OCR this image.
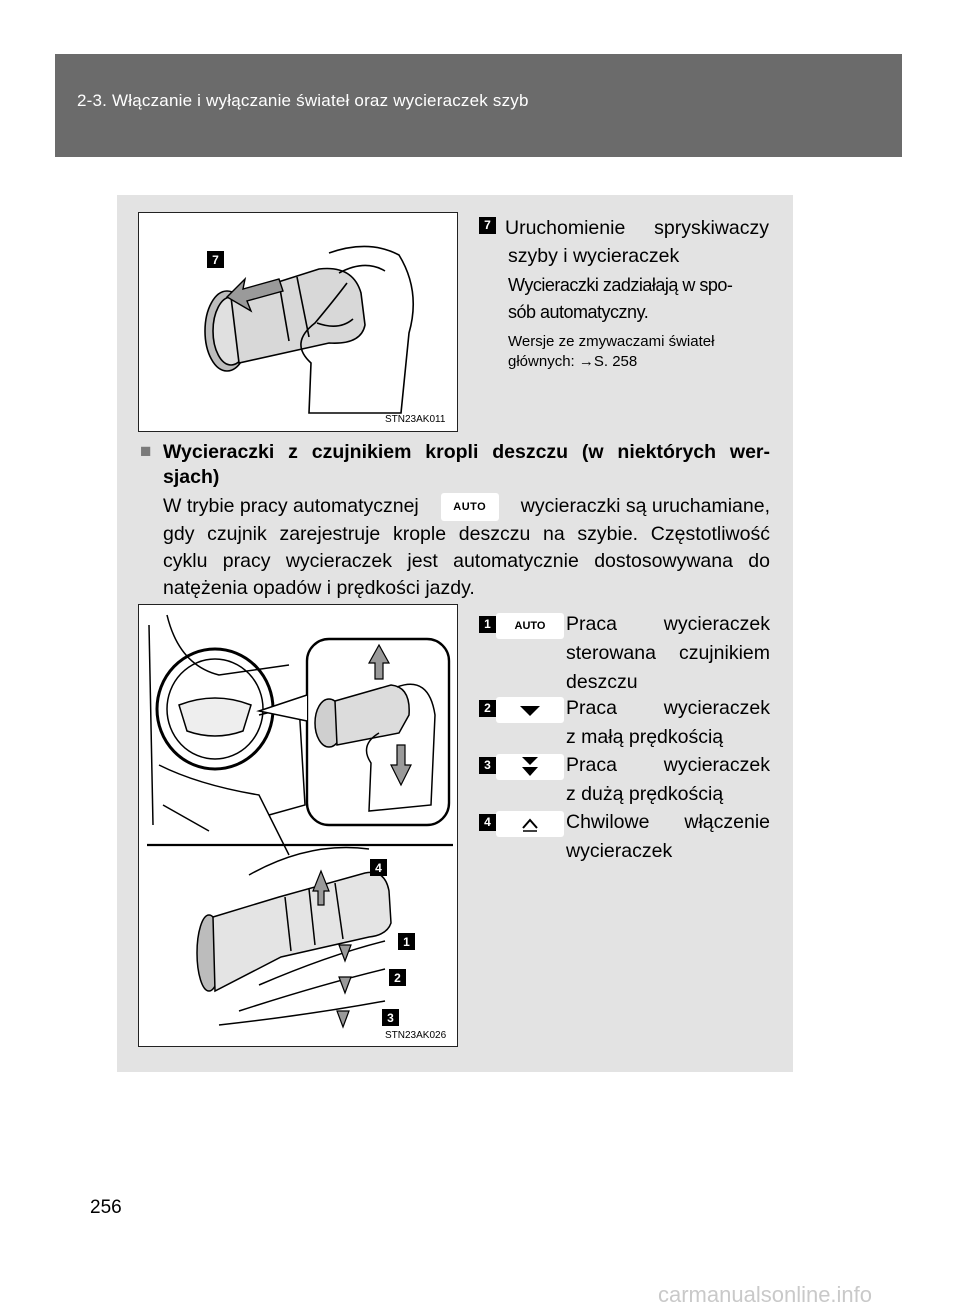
2-3. Włączanie i wyłączanie świateł oraz wycieraczek szyb
7
STN23AK011
7 Uruchomienie spryskiwaczy
szyby i wycieraczek
Wycieraczki zadziałają w spo-
sób automatyczny.
Wersje ze zmywaczami świateł
głównych: →S. 258
■ Wycieraczki z czujnikiem kropli deszczu (w niektórych wer-
sjach)
W trybie pracy automatycznej	AUTO	wycieraczki są uruchamiane,
gdy czujnik zarejestruje krople deszczu na szybie. Częstotliwość
cyklu pracy wycieraczek jest automatycznie dostosowywana do
natężenia opadów i prędkości jazdy.
4
1
2
3
STN23AK026
1	AUTO	Praca wycieraczek
sterowana czujnikiem
deszczu
2	Praca wycieraczek
z małą prędkością
3	Praca wycieraczek
z dużą prędkością
4	Chwilowe włączenie
wycieraczek
256
carmanualsonline.info
